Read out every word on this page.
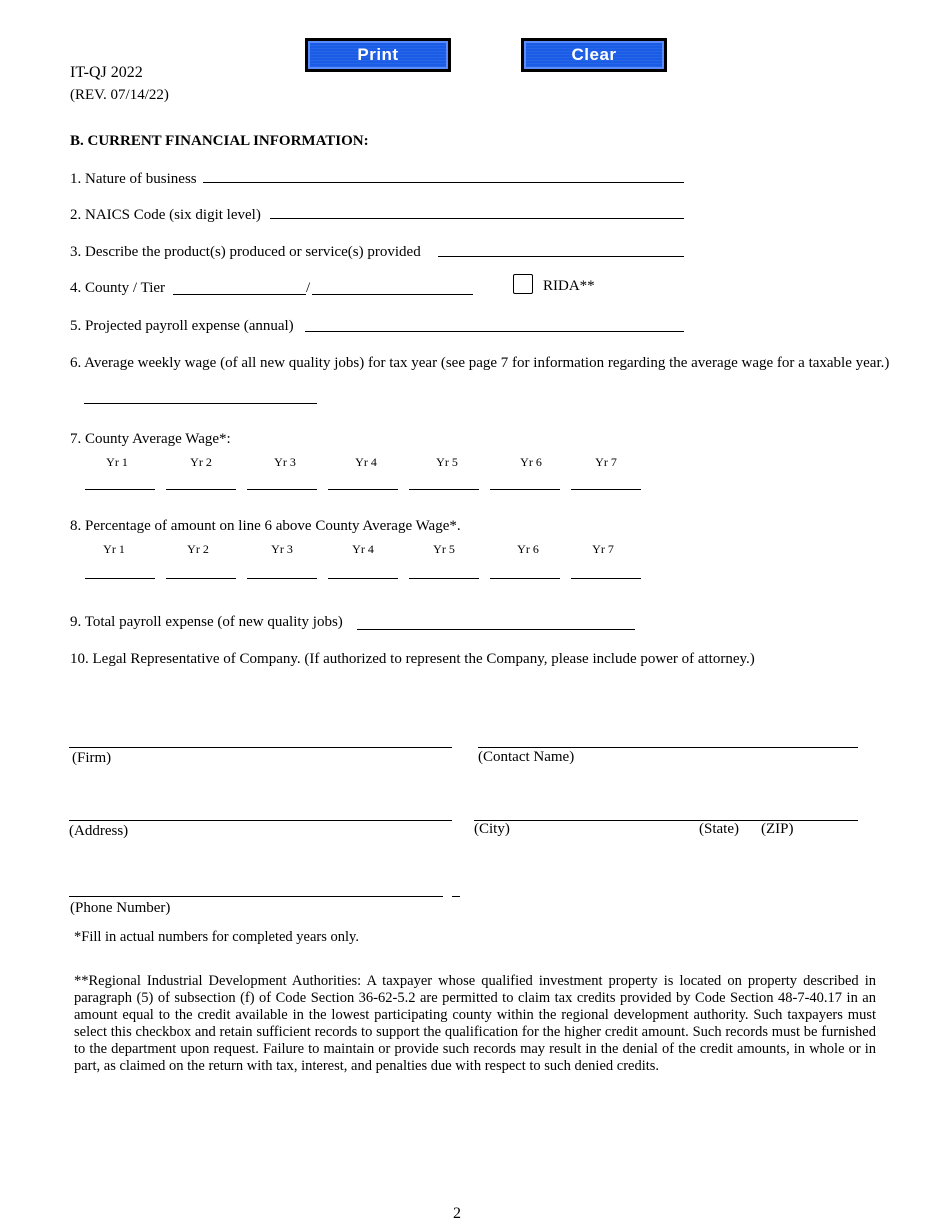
IT-QJ 2022
(REV. 07/14/22)
Print	Clear
B. CURRENT FINANCIAL INFORMATION:
1. Nature of business
2. NAICS Code (six digit level)
3. Describe the product(s) produced or service(s) provided
4. County / Tier	/	RIDA**
5. Projected payroll expense (annual)
6. Average weekly wage (of all new quality jobs) for tax year (see page 7 for information regarding the average wage for a taxable year.)
7. County Average Wage*:
Yr 1	Yr 2	Yr 3	Yr 4	Yr 5	Yr 6	Yr 7
8. Percentage of amount on line 6 above County Average Wage*.
Yr 1	Yr 2	Yr 3	Yr 4	Yr 5	Yr 6	Yr 7
9. Total payroll expense (of new quality jobs)
10. Legal Representative of Company. (If authorized to represent the Company, please include power of attorney.)
(Firm)	(Contact Name)
(Address)	(City)	(State) (ZIP)
(Phone Number)
*Fill in actual numbers for completed years only.
**Regional Industrial Development Authorities: A taxpayer whose qualified investment property is located on property described in paragraph (5) of subsection (f) of Code Section 36-62-5.2 are permitted to claim tax credits provided by Code Section 48-7-40.17 in an amount equal to the credit available in the lowest participating county within the regional development authority. Such taxpayers must select this checkbox and retain sufficient records to support the qualification for the higher credit amount. Such records must be furnished to the department upon request. Failure to maintain or provide such records may result in the denial of the credit amounts, in whole or in part, as claimed on the return with tax, interest, and penalties due with respect to such denied credits.
2
